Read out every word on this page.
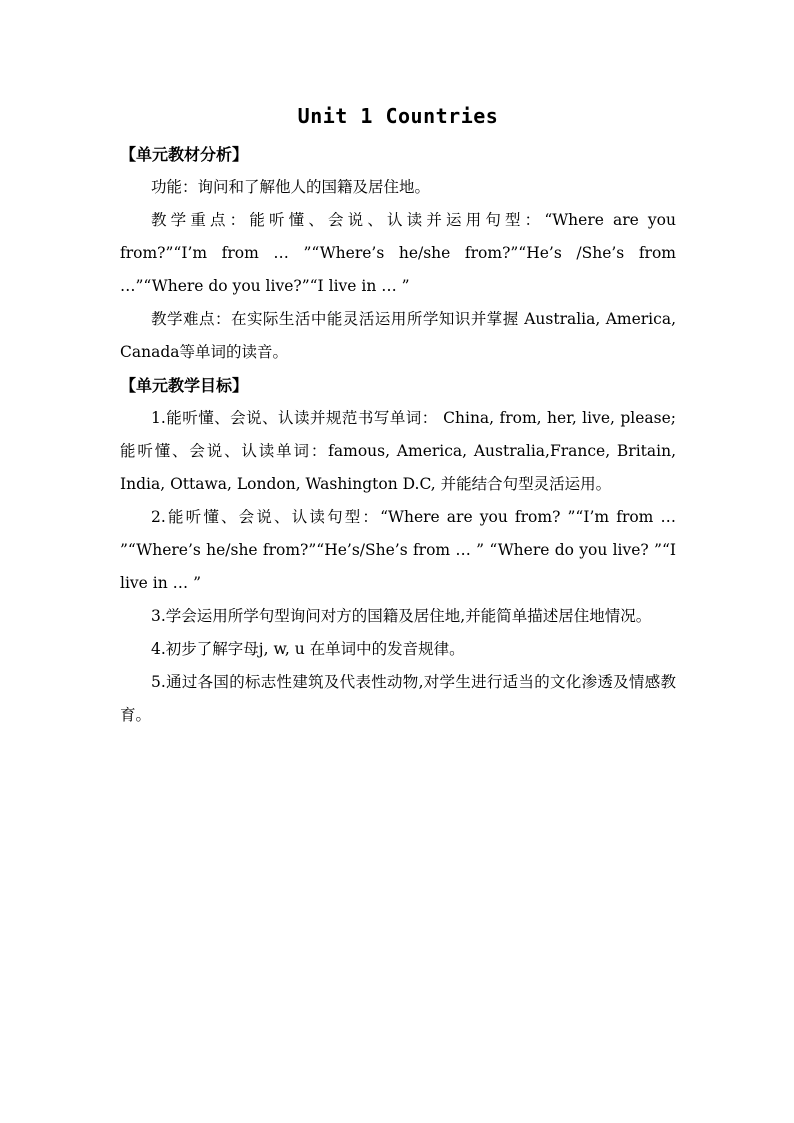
Unit 1 Countries

【单元教材分析】

功能：询问和了解他人的国籍及居住地。

教学重点：能听懂、会说、认读并运用句型：“Where are you from?”“I’m from … ”“Where’s he/she from?”“He’s /She’s from …”“Where do you live?”“I live in … ”

教学难点：在实际生活中能灵活运用所学知识并掌握 Australia, America, Canada等单词的读音。

【单元教学目标】

1.能听懂、会说、认读并规范书写单词： China, from, her, live, please;能听懂、会说、认读单词：famous, America, Australia,France, Britain, India, Ottawa, London, Washington D.C, 并能结合句型灵活运用。

2.能听懂、会说、认读句型：“Where are you from? ”“I’m from … ”“Where’s he/she from?”“He’s/She’s from … ” “Where do you live? ”“I live in … ”

3.学会运用所学句型询问对方的国籍及居住地,并能简单描述居住地情况。

4.初步了解字母j, w, u 在单词中的发音规律。

5.通过各国的标志性建筑及代表性动物,对学生进行适当的文化渗透及情感教育。
